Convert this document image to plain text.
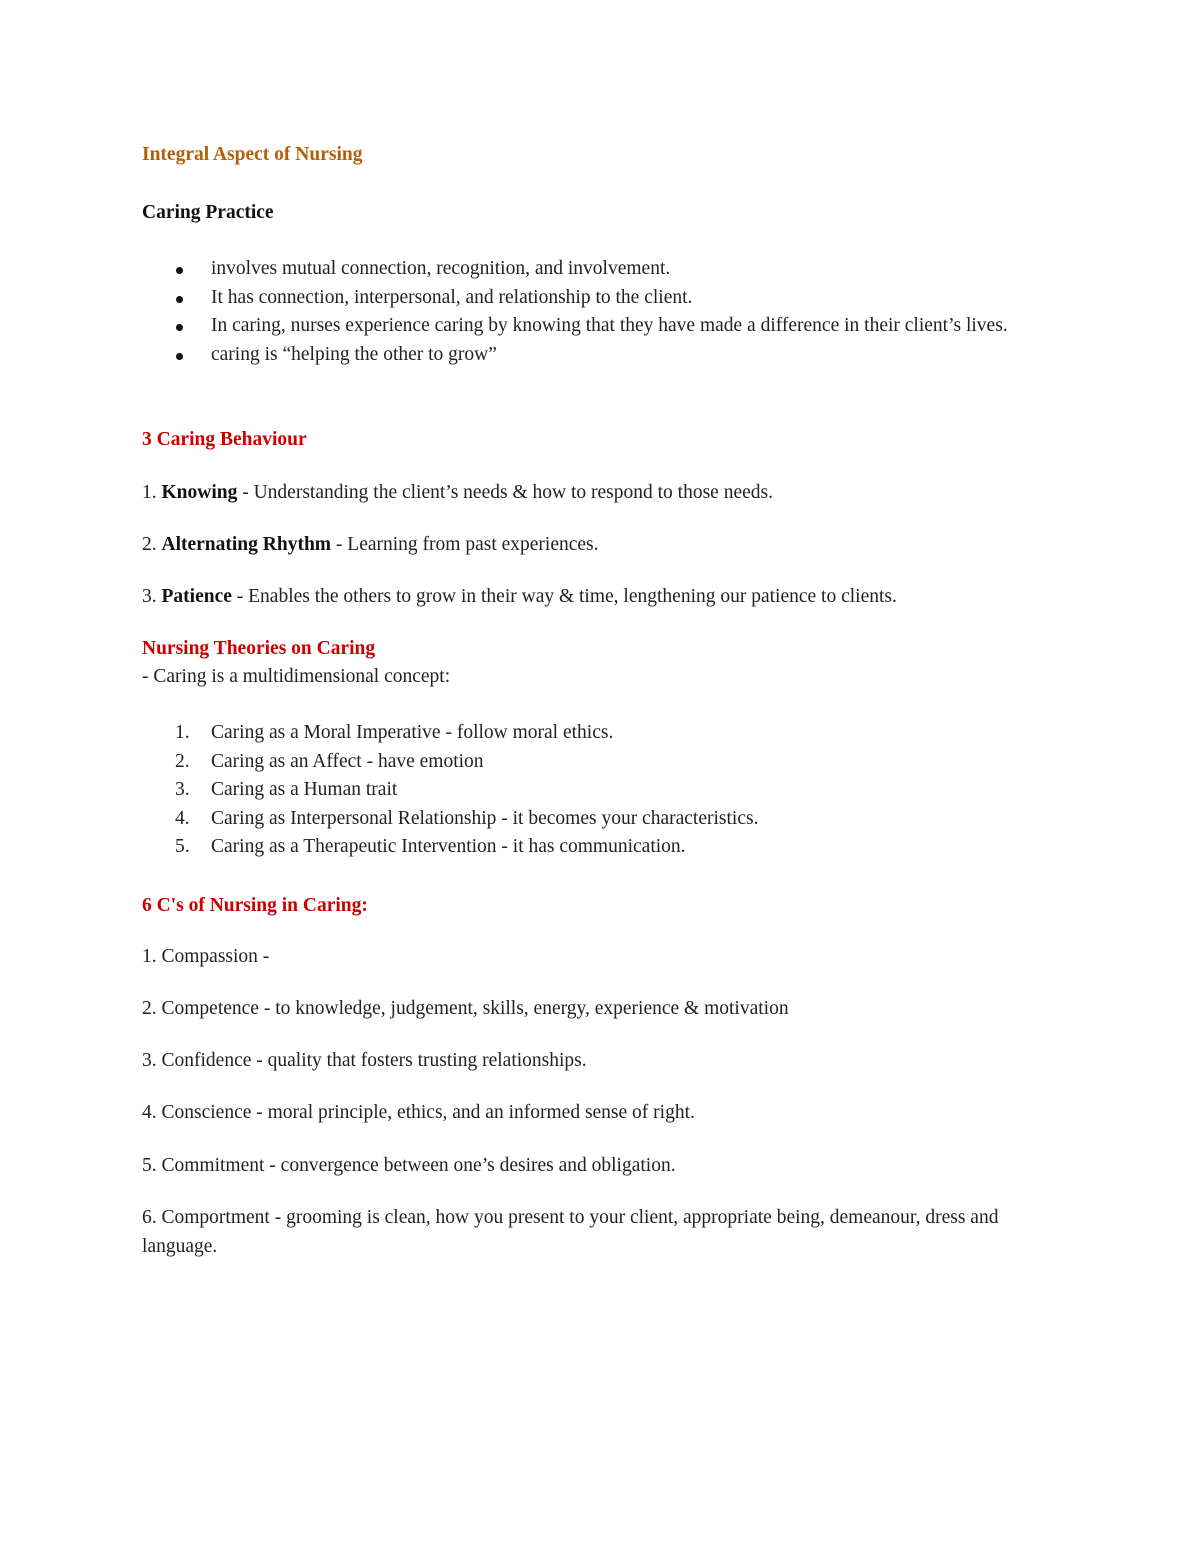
Integral Aspect of Nursing
Caring Practice
involves mutual connection, recognition, and involvement.
It has connection, interpersonal, and relationship to the client.
In caring, nurses experience caring by knowing that they have made a difference in their client’s lives.
caring is “helping the other to grow”
3 Caring Behaviour
1. Knowing - Understanding the client’s needs & how to respond to those needs.
2. Alternating Rhythm - Learning from past experiences.
3. Patience - Enables the others to grow in their way & time, lengthening our patience to clients.
Nursing Theories on Caring
- Caring is a multidimensional concept:
1. Caring as a Moral Imperative - follow moral ethics.
2. Caring as an Affect - have emotion
3. Caring as a Human trait
4. Caring as Interpersonal Relationship - it becomes your characteristics.
5. Caring as a Therapeutic Intervention - it has communication.
6 C's of Nursing in Caring:
1. Compassion -
2. Competence - to knowledge, judgement, skills, energy, experience & motivation
3. Confidence - quality that fosters trusting relationships.
4. Conscience - moral principle, ethics, and an informed sense of right.
5. Commitment - convergence between one’s desires and obligation.
6. Comportment - grooming is clean, how you present to your client, appropriate being, demeanour, dress and language.
